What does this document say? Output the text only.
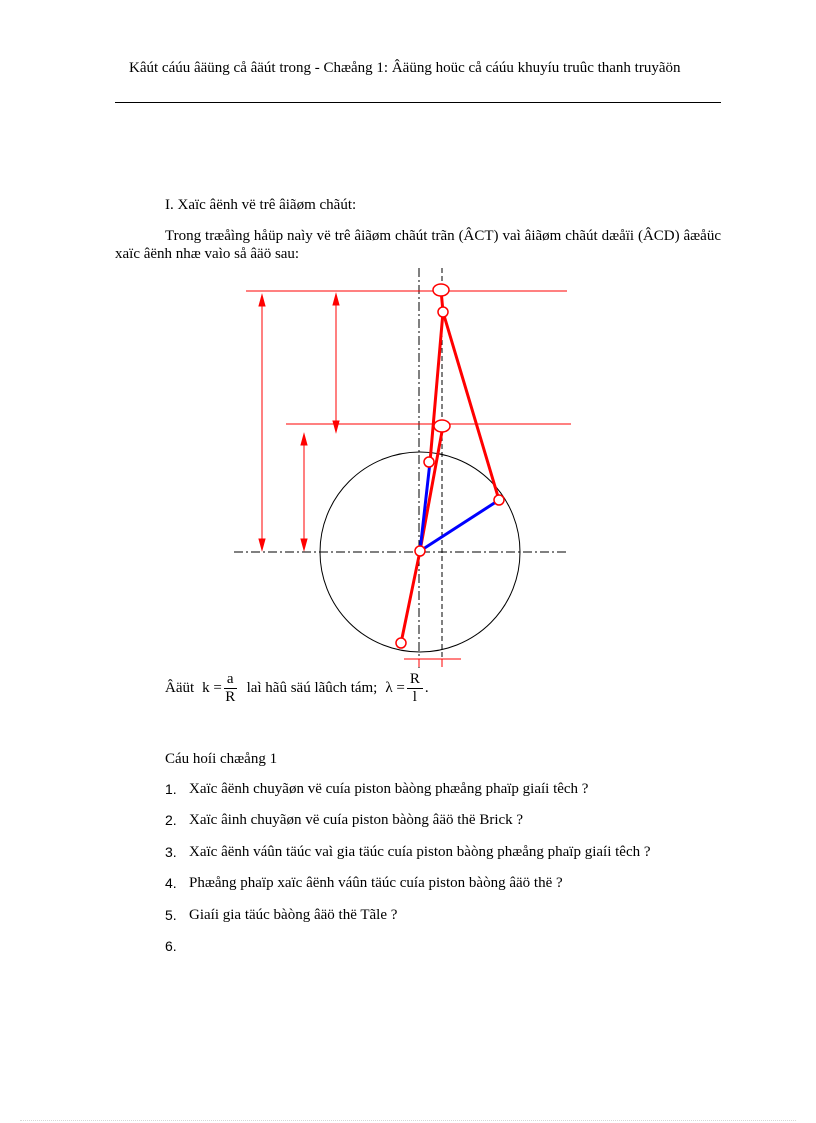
Kâút cáúu âäüng cå âäút trong - Chæång 1: Âäüng hoüc cå cáúu khuyíu truûc thanh truyãön
I. Xaïc âënh vë trê âiãøm chãút:
Trong træåìng håüp naìy vë trê âiãøm chãút trãn (ÂCT) vaì âiãøm chãút dæåïi (ÂCD) âæåüc xaïc âënh nhæ vaìo så âäö sau:
Âäüt $k = \frac{a}{R}$ laì hãû säú lãûch tám; $\lambda = \frac{R}{l}$ .
Cáu hoíi chæång 1
1. Xaïc âënh chuyãøn vë cuía piston bàòng phæång phaïp giaíi têch ?
2. Xaïc âinh chuyãøn vë cuía piston bàòng âäö thë Brick ?
3. Xaïc âënh váûn täúc vaì gia täúc cuía piston bàòng phæång phaïp giaíi têch ?
4. Phæång phaïp xaïc âënh váûn täúc cuía piston bàòng âäö thë ?
5. Giaíi gia täúc bàòng âäö thë Tãle ?
6.
